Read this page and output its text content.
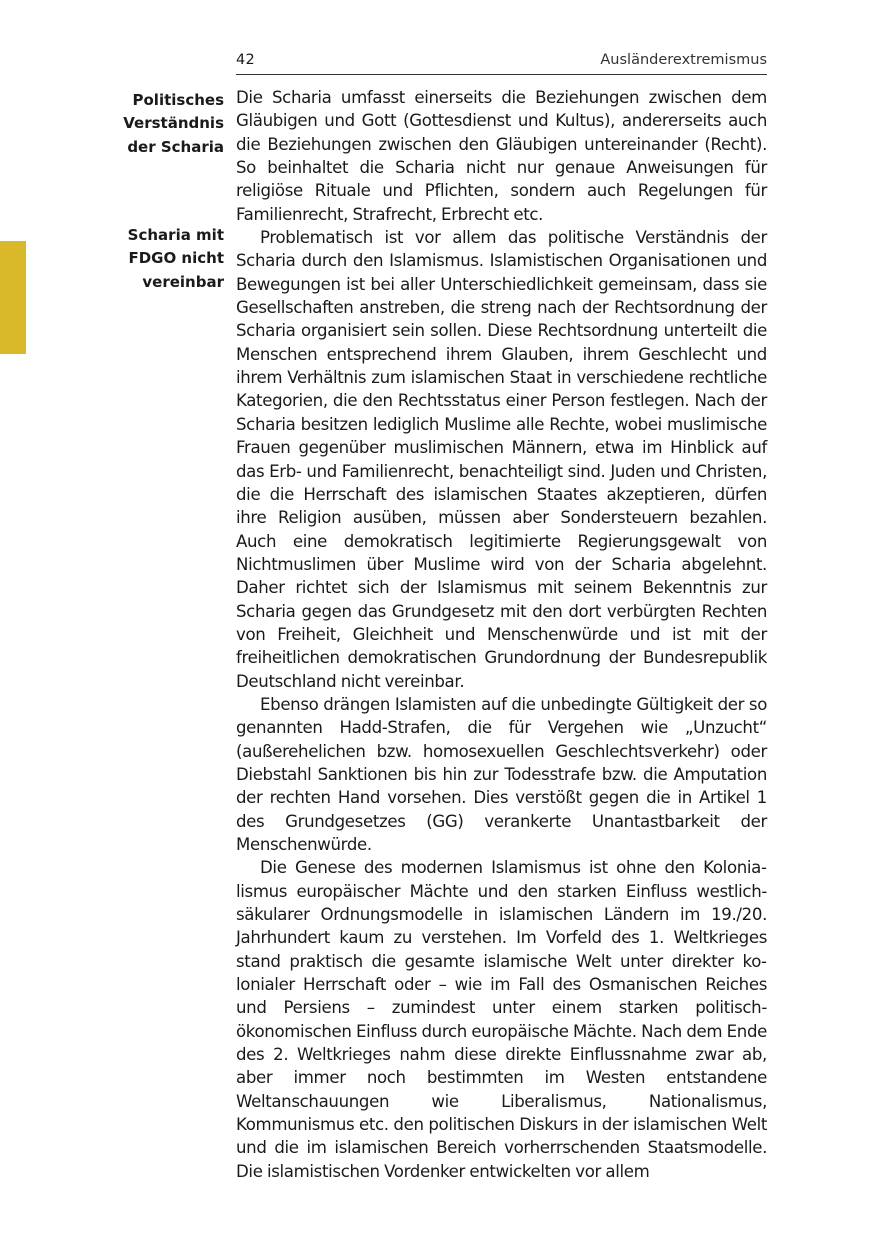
42	Ausländerextremismus

Politisches
Verständnis
der Scharia

Scharia mit
FDGO nicht
vereinbar

Die Scharia umfasst einerseits die Beziehungen zwischen dem Gläubigen und Gott (Gottesdienst und Kultus), andererseits auch die Beziehungen zwischen den Gläubigen untereinander (Recht). So beinhaltet die Scharia nicht nur genaue Anweisungen für religiöse Rituale und Pflichten, sondern auch Regelungen für Familienrecht, Strafrecht, Erbrecht etc.

Problematisch ist vor allem das politische Verständnis der Scharia durch den Islamismus. Islamistischen Organisationen und Bewegungen ist bei aller Unterschiedlichkeit gemeinsam, dass sie Gesellschaften anstreben, die streng nach der Rechtsordnung der Scharia organisiert sein sollen. Diese Rechtsordnung unterteilt die Menschen entsprechend ihrem Glauben, ihrem Geschlecht und ihrem Verhältnis zum islamischen Staat in verschiedene rechtliche Kategorien, die den Rechtsstatus einer Person festlegen. Nach der Scharia besitzen lediglich Muslime alle Rechte, wobei muslimische Frauen gegenüber muslimischen Männern, etwa im Hinblick auf das Erb- und Familienrecht, benachteiligt sind. Juden und Christen, die die Herrschaft des islamischen Staates akzeptieren, dürfen ihre Religion ausüben, müssen aber Sondersteuern bezahlen. Auch eine demokratisch legitimierte Regierungsgewalt von Nichtmuslimen über Muslime wird von der Scharia abgelehnt. Daher richtet sich der Islamismus mit seinem Bekenntnis zur Scharia gegen das Grundgesetz mit den dort verbürgten Rechten von Freiheit, Gleichheit und Menschenwürde und ist mit der freiheitlichen demokratischen Grundordnung der Bundesrepublik Deutschland nicht vereinbar.

Ebenso drängen Islamisten auf die unbedingte Gültigkeit der so genannten Hadd-Strafen, die für Vergehen wie „Unzucht“ (außerehelichen bzw. homosexuellen Geschlechtsverkehr) oder Diebstahl Sanktionen bis hin zur Todesstrafe bzw. die Amputation der rechten Hand vorsehen. Dies verstößt gegen die in Artikel 1 des Grundgesetzes (GG) verankerte Unantastbarkeit der Menschenwürde.

Die Genese des modernen Islamismus ist ohne den Kolonialismus europäischer Mächte und den starken Einfluss westlich-säkularer Ordnungsmodelle in islamischen Ländern im 19./20. Jahrhundert kaum zu verstehen. Im Vorfeld des 1. Weltkrieges stand praktisch die gesamte islamische Welt unter direkter kolonialer Herrschaft oder – wie im Fall des Osmanischen Reiches und Persiens – zumindest unter einem starken politisch-ökonomischen Einfluss durch europäische Mächte. Nach dem Ende des 2. Weltkrieges nahm diese direkte Einflussnahme zwar ab, aber immer noch bestimmten im Westen entstandene Weltanschauungen wie Liberalismus, Nationalismus, Kommunismus etc. den politischen Diskurs in der islamischen Welt und die im islamischen Bereich vorherrschenden Staatsmodelle. Die islamistischen Vordenker entwickelten vor allem
